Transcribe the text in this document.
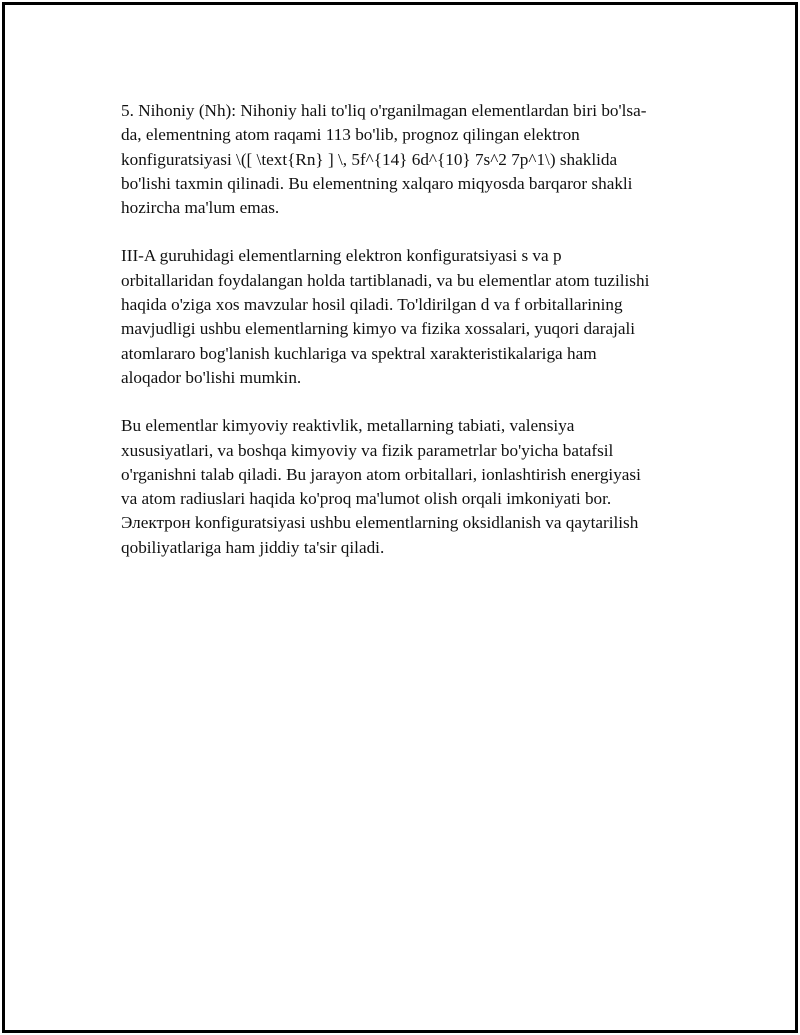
5. Nihoniy (Nh): Nihoniy hali to'liq o'rganilmagan elementlardan biri bo'lsa-
da, elementning atom raqami 113 bo'lib, prognoz qilingan elektron
konfiguratsiyasi \([ \text{Rn} ] \, 5f^{14} 6d^{10} 7s^2 7p^1\) shaklida
bo'lishi taxmin qilinadi. Bu elementning xalqaro miqyosda barqaror shakli
hozircha ma'lum emas.
III-A guruhidagi elementlarning elektron konfiguratsiyasi s va p
orbitallaridan foydalangan holda tartiblanadi, va bu elementlar atom tuzilishi
haqida o'ziga xos mavzular hosil qiladi. To'ldirilgan d va f orbitallarining
mavjudligi ushbu elementlarning kimyo va fizika xossalari, yuqori darajali
atomlararo bog'lanish kuchlariga va spektral xarakteristikalariga ham
aloqador bo'lishi mumkin.
Bu elementlar kimyoviy reaktivlik, metallarning tabiati, valensiya
xususiyatlari, va boshqa kimyoviy va fizik parametrlar bo'yicha batafsil
o'rganishni talab qiladi. Bu jarayon atom orbitallari, ionlashtirish energiyasi
va atom radiuslari haqida ko'proq ma'lumot olish orqali imkoniyati bor.
Электрон konfiguratsiyasi ushbu elementlarning oksidlanish va qaytarilish
qobiliyatlariga ham jiddiy ta'sir qiladi.
